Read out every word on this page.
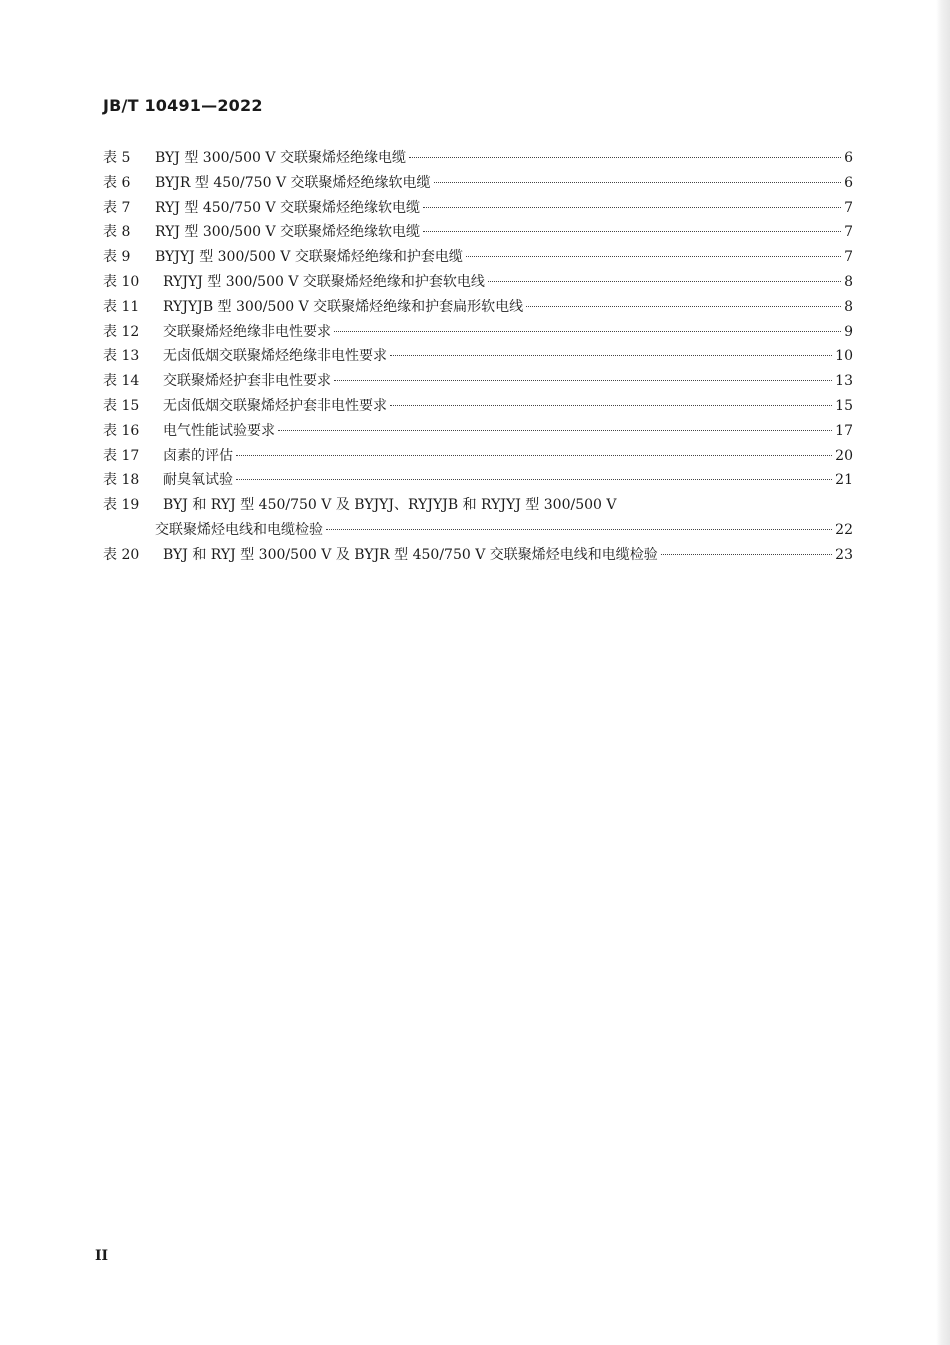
JB/T 10491—2022
表 5	BYJ 型 300/500 V 交联聚烯烃绝缘电缆	6
表 6	BYJR 型 450/750 V 交联聚烯烃绝缘软电缆	6
表 7	RYJ 型 450/750 V 交联聚烯烃绝缘软电缆	7
表 8	RYJ 型 300/500 V 交联聚烯烃绝缘软电缆	7
表 9	BYJYJ 型 300/500 V 交联聚烯烃绝缘和护套电缆	7
表 10	RYJYJ 型 300/500 V 交联聚烯烃绝缘和护套软电线	8
表 11	RYJYJB 型 300/500 V 交联聚烯烃绝缘和护套扁形软电线	8
表 12	交联聚烯烃绝缘非电性要求	9
表 13	无卤低烟交联聚烯烃绝缘非电性要求	10
表 14	交联聚烯烃护套非电性要求	13
表 15	无卤低烟交联聚烯烃护套非电性要求	15
表 16	电气性能试验要求	17
表 17	卤素的评估	20
表 18	耐臭氧试验	21
表 19	BYJ 和 RYJ 型 450/750 V 及 BYJYJ、RYJYJB 和 RYJYJ 型 300/500 V
交联聚烯烃电线和电缆检验	22
表 20	BYJ 和 RYJ 型 300/500 V 及 BYJR 型 450/750 V 交联聚烯烃电线和电缆检验	23
II
